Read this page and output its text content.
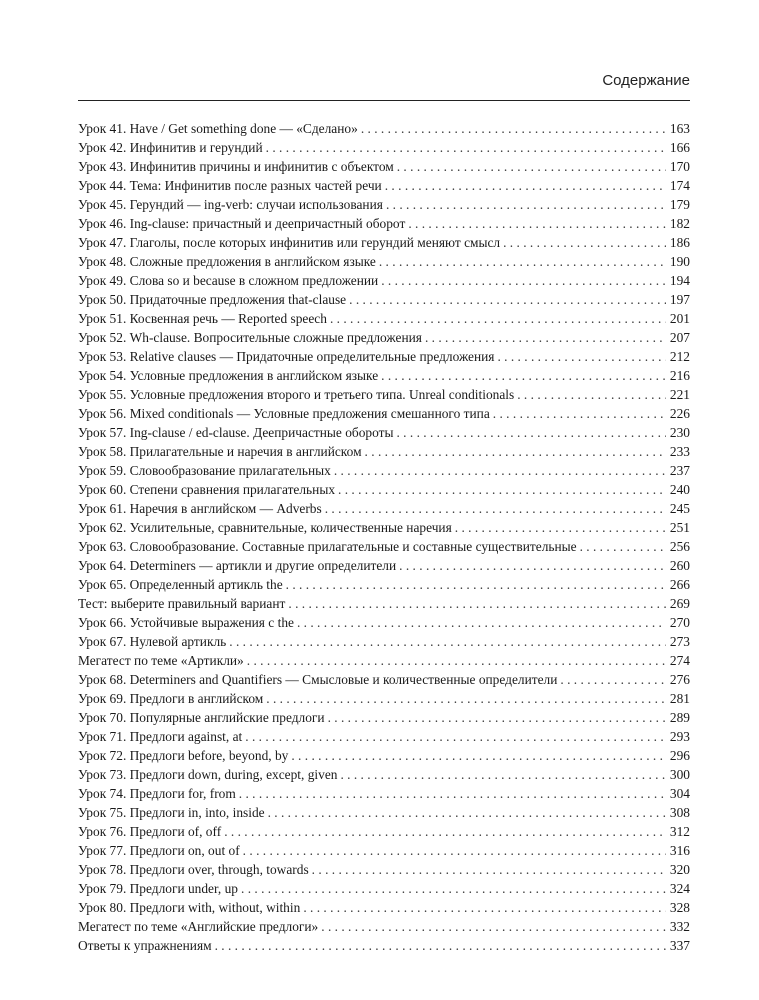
Содержание
Урок 41. Have / Get something done — «Сделано» . . .	163
Урок 42. Инфинитив и герундий . . .	166
Урок 43. Инфинитив причины и инфинитив с объектом . . .	170
Урок 44. Тема: Инфинитив после разных частей речи . . .	174
Урок 45. Герундий — ing-verb: случаи использования . . .	179
Урок 46. Ing-clause: причастный и деепричастный оборот . . .	182
Урок 47. Глаголы, после которых инфинитив или герундий меняют смысл . . .	186
Урок 48. Сложные предложения в английском языке . . .	190
Урок 49. Слова so и because в сложном предложении . . .	194
Урок 50. Придаточные предложения that-clause . . .	197
Урок 51. Косвенная речь — Reported speech . . .	201
Урок 52. Wh-clause. Вопросительные сложные предложения . . .	207
Урок 53. Relative clauses — Придаточные определительные предложения . . .	212
Урок 54. Условные предложения в английском языке . . .	216
Урок 55. Условные предложения второго и третьего типа. Unreal conditionals . . .	221
Урок 56. Mixed conditionals — Условные предложения смешанного типа . . .	226
Урок 57. Ing-clause / ed-clause. Деепричастные обороты . . .	230
Урок 58. Прилагательные и наречия в английском . . .	233
Урок 59. Словообразование прилагательных . . .	237
Урок 60. Степени сравнения прилагательных . . .	240
Урок 61. Наречия в английском — Adverbs . . .	245
Урок 62. Усилительные, сравнительные, количественные наречия . . .	251
Урок 63. Словообразование. Составные прилагательные и составные существительные . . .	256
Урок 64. Determiners — артикли и другие определители . . .	260
Урок 65. Определенный артикль the . . .	266
Тест: выберите правильный вариант . . .	269
Урок 66. Устойчивые выражения с the . . .	270
Урок 67. Нулевой артикль . . .	273
Мегатест по теме «Артикли» . . .	274
Урок 68. Determiners and Quantifiers — Смысловые и количественные определители . . .	276
Урок 69. Предлоги в английском . . .	281
Урок 70. Популярные английские предлоги . . .	289
Урок 71. Предлоги against, at . . .	293
Урок 72. Предлоги before, beyond, by . . .	296
Урок 73. Предлоги down, during, except, given . . .	300
Урок 74. Предлоги for, from . . .	304
Урок 75. Предлоги in, into, inside . . .	308
Урок 76. Предлоги of, off . . .	312
Урок 77. Предлоги on, out of . . .	316
Урок 78. Предлоги over, through, towards . . .	320
Урок 79. Предлоги under, up . . .	324
Урок 80. Предлоги with, without, within . . .	328
Мегатест по теме «Английские предлоги» . . .	332
Ответы к упражнениям . . .	337
